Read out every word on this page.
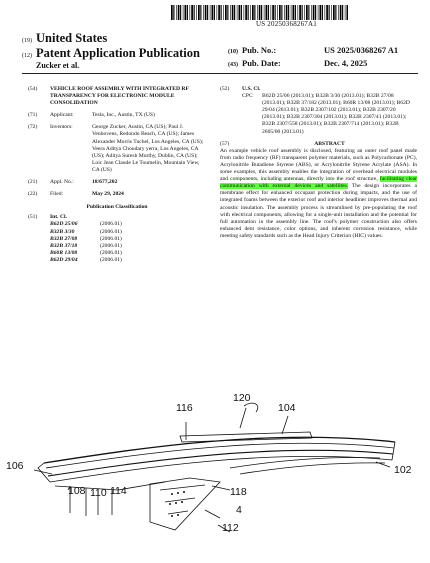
US 20250368267A1
(19) United States
(12) Patent Application Publication
Zucker et al.
(10) Pub. No.:	US 2025/0368267 A1
(43) Pub. Date:	Dec. 4, 2025
(54)	VEHICLE ROOF ASSEMBLY WITH INTEGRATED RF TRANSPARENCY FOR ELECTRONIC MODULE CONSOLIDATION
(71)	Applicant:	Tesla, Inc., Austin, TX (US)
(72)	Inventors:	George Zucker, Austin, CA (US); Paul J. Venhovens, Redondo Beach, CA (US); James Alexander Morris Tuchel, Los Angeles, CA (US); Veera Aditya Choudary yerra, Los Angeles, CA (US); Aditya Suresh Murthy, Dublin, CA (US); Loic Jean Claude Le Toumelin, Mountain View, CA (US)
(21)	Appl. No.:	18/677,202
(22)	Filed:	May 29, 2024
Publication Classification
(51)	Int. Cl.
B62D 25/06	(2006.01)
B32B 3/30	(2006.01)
B32B 27/08	(2006.01)
B32B 37/18	(2006.01)
B60R 13/08	(2006.01)
B62D 29/04	(2006.01)
(52)	U.S. Cl.
CPC	B62D 25/06 (2013.01); B32B 3/30 (2013.01); B32B 27/08 (2013.01); B32B 37/182 (2013.01); B60R 13/08 (2013.01); B62D 29/04 (2013.01); B32B 2307/102 (2013.01); B32B 2307/20 (2013.01); B32B 2307/304 (2013.01); B32B 2307/41 (2013.01); B32B 2307/558 (2013.01); B32B 2307/714 (2013.01); B32B 2605/00 (2013.01)
(57)	ABSTRACT
An example vehicle roof assembly is disclosed, featuring an outer roof panel made from radio frequency (RF) transparent polymer materials, such as Polycarbonate (PC), Acrylonitrile Butadiene Styrene (ABS), or Acrylonitrile Styrene Acrylate (ASA). In some examples, this assembly enables the integration of overhead electrical modules and components, including antennas, directly into the roof structure, facilitating clear communication with external devices and satellites. The design incorporates a membrane effect for enhanced occupant protection during impacts, and the use of integrated foams between the exterior roof and interior headliner improves thermal and acoustic insulation. The assembly process is streamlined by pre-populating the roof with electrical components, allowing for a single-unit installation and the potential for full automation in the assembly line. The roof's polymer construction also offers enhanced dent resistance, color options, and inherent corrosion resistance, while meeting safety standards such as the Head Injury Criterion (HIC) values.
120
116	104
106	102
108 110 114	118
4
112
